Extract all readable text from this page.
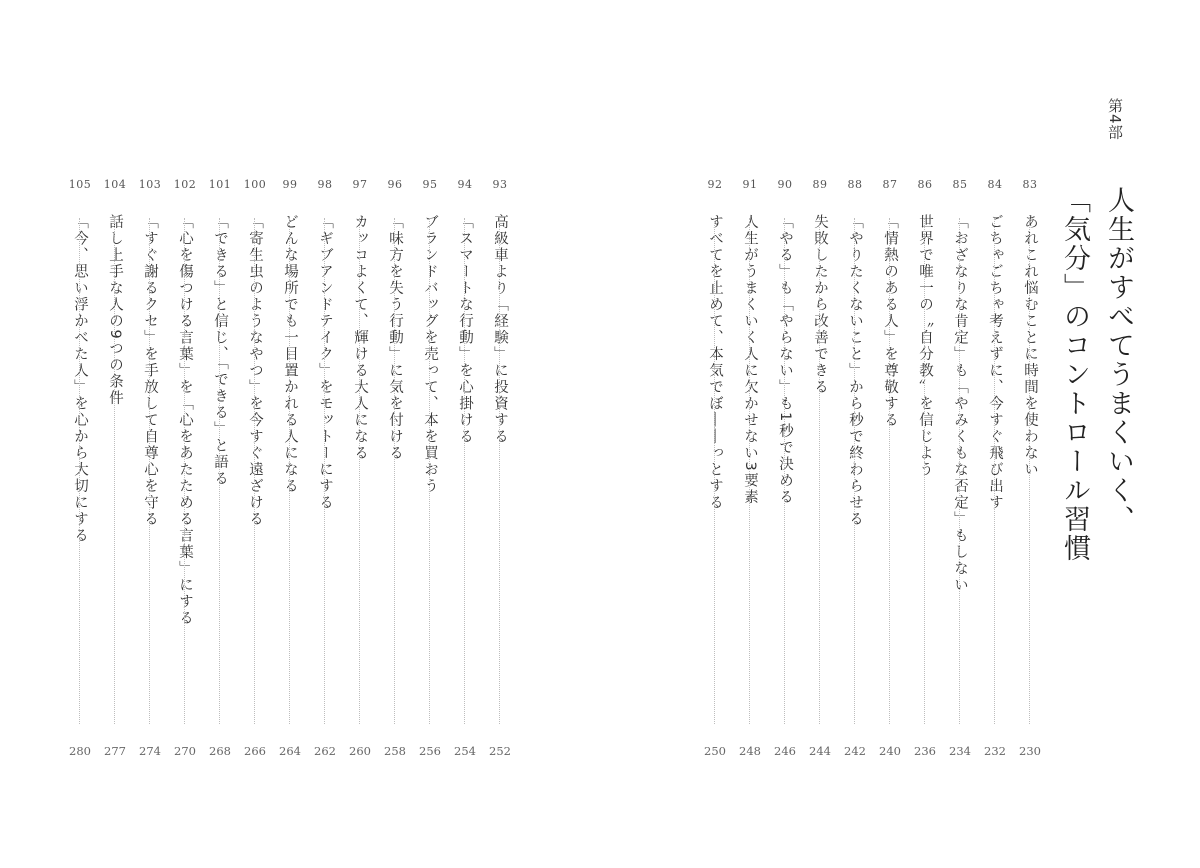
第4部
人生がすべてうまくいく、
「気分」のコントロール習慣
83
あれこれ悩むことに時間を使わない
230
84
ごちゃごちゃ考えずに、今すぐ飛び出す
232
85
「おざなりな肯定」も「やみくもな否定」もしない
234
86
世界で唯一の〝自分教〟を信じよう
236
87
「情熱のある人」を尊敬する
240
88
「やりたくないこと」から秒で終わらせる
242
89
失敗したから改善できる
244
90
「やる」も「やらない」も1秒で決める
246
91
人生がうまくいく人に欠かせない3要素
248
92
すべてを止めて、本気でぼ――っとする
250
93
高級車より「経験」に投資する
252
94
「スマートな行動」を心掛ける
254
95
ブランドバッグを売って、本を買おう
256
96
「味方を失う行動」に気を付ける
258
97
カッコよくて、輝ける大人になる
260
98
「ギブアンドテイク」をモットーにする
262
99
どんな場所でも一目置かれる人になる
264
100
「寄生虫のようなやつ」を今すぐ遠ざける
266
101
「できる」と信じ、「できる」と語る
268
102
「心を傷つける言葉」を「心をあたためる言葉」にする
270
103
「すぐ謝るクセ」を手放して自尊心を守る
274
104
話し上手な人の9つの条件
277
105
「今、思い浮かべた人」を心から大切にする
280
